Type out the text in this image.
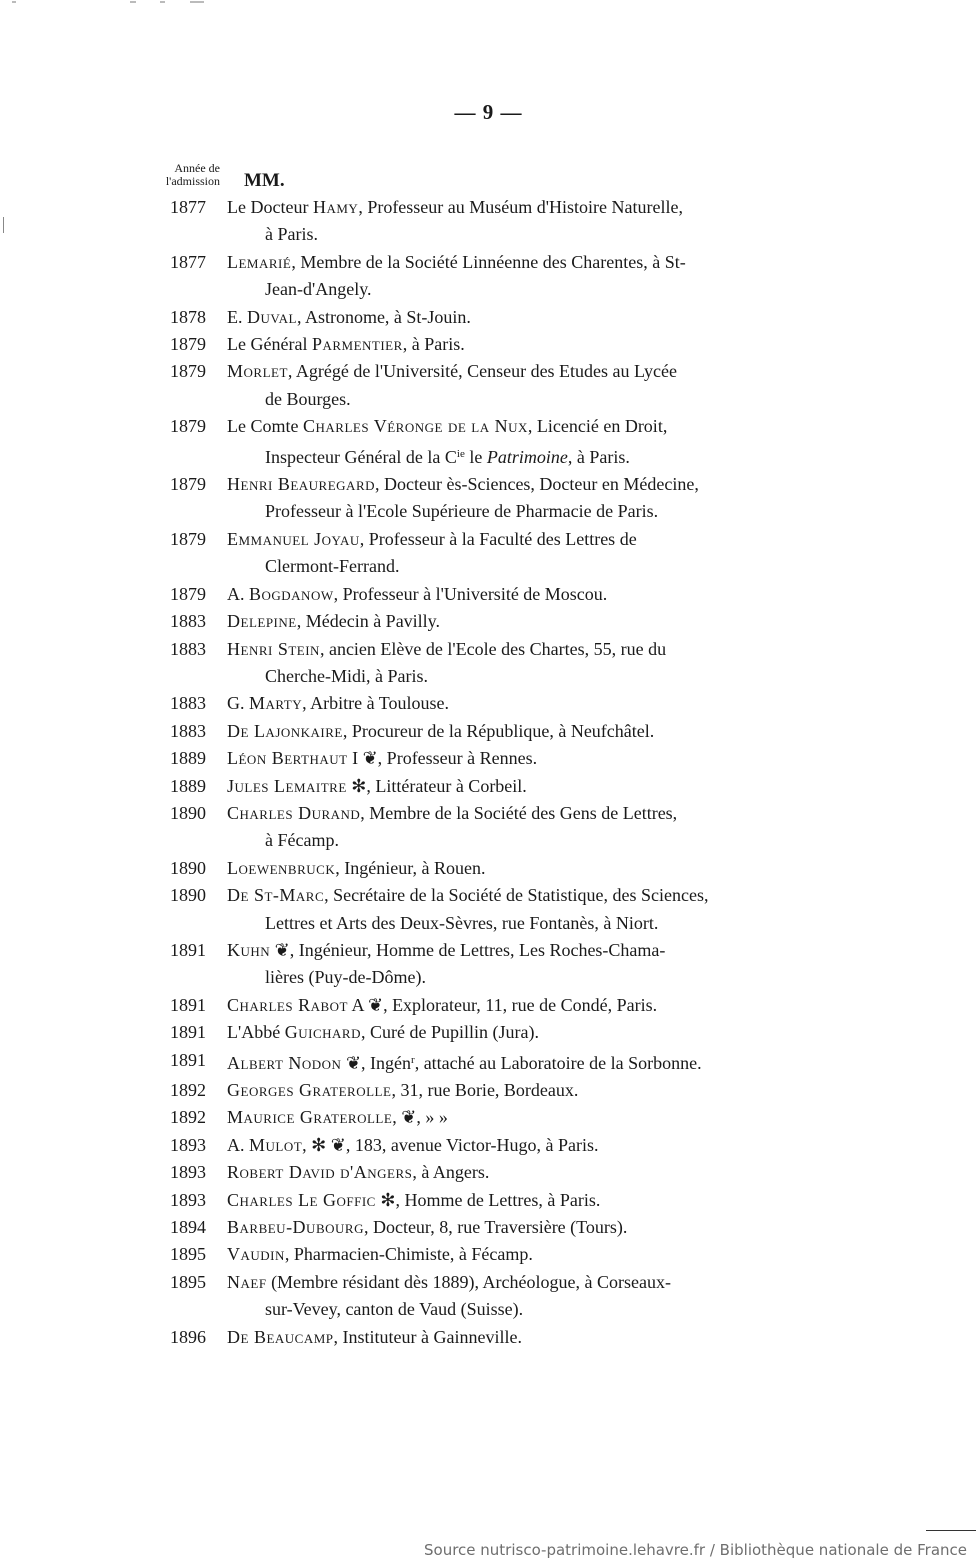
— 9 —
Année de
l'admission MM.
1877	Le Docteur Hamy, Professeur au Muséum d'Histoire Naturelle,
à Paris.
1877	Lemarié, Membre de la Société Linnéenne des Charentes, à St-
Jean-d'Angely.
1878	E. Duval, Astronome, à St-Jouin.
1879	Le Général Parmentier, à Paris.
1879	Morlet, Agrégé de l'Université, Censeur des Etudes au Lycée
de Bourges.
1879	Le Comte Charles Véronge de la Nux, Licencié en Droit,
Inspecteur Général de la $C^{ie}$ le Patrimoine, à Paris.
1879	Henri Beauregard, Docteur ès-Sciences, Docteur en Médecine,
Professeur à l'Ecole Supérieure de Pharmacie de Paris.
1879	Emmanuel Joyau, Professeur à la Faculté des Lettres de
Clermont-Ferrand.
1879	A. Bogdanow, Professeur à l'Université de Moscou.
1883	Delepine, Médecin à Pavilly.
1883	Henri Stein, ancien Elève de l'Ecole des Chartes, 55, rue du
Cherche-Midi, à Paris.
1883	G. Marty, Arbitre à Toulouse.
1883	De Lajonkaire, Procureur de la République, à Neufchâtel.
1889	Léon Berthaut I ❦, Professeur à Rennes.
1889	Jules Lemaitre ✻, Littérateur à Corbeil.
1890	Charles Durand, Membre de la Société des Gens de Lettres,
à Fécamp.
1890	Loewenbruck, Ingénieur, à Rouen.
1890	De St-Marc, Secrétaire de la Société de Statistique, des Sciences,
Lettres et Arts des Deux-Sèvres, rue Fontanès, à Niort.
1891	Kuhn ❦, Ingénieur, Homme de Lettres, Les Roches-Chama-
lières (Puy-de-Dôme).
1891	Charles Rabot A ❦, Explorateur, 11, rue de Condé, Paris.
1891	L'Abbé Guichard, Curé de Pupillin (Jura).
1891	Albert Nodon ❦, Ingén$^r$, attaché au Laboratoire de la Sorbonne.
1892	Georges Graterolle, 31, rue Borie, Bordeaux.
1892	Maurice Graterolle, ❦, » »
1893	A. Mulot, ✻ ❦, 183, avenue Victor-Hugo, à Paris.
1893	Robert David d'Angers, à Angers.
1893	Charles Le Goffic ✻, Homme de Lettres, à Paris.
1894	Barbeu-Dubourg, Docteur, 8, rue Traversière (Tours).
1895	Vaudin, Pharmacien-Chimiste, à Fécamp.
1895	Naef (Membre résidant dès 1889), Archéologue, à Corseaux-
sur-Vevey, canton de Vaud (Suisse).
1896	De Beaucamp, Instituteur à Gainneville.
Source nutrisco-patrimoine.lehavre.fr / Bibliothèque nationale de France
